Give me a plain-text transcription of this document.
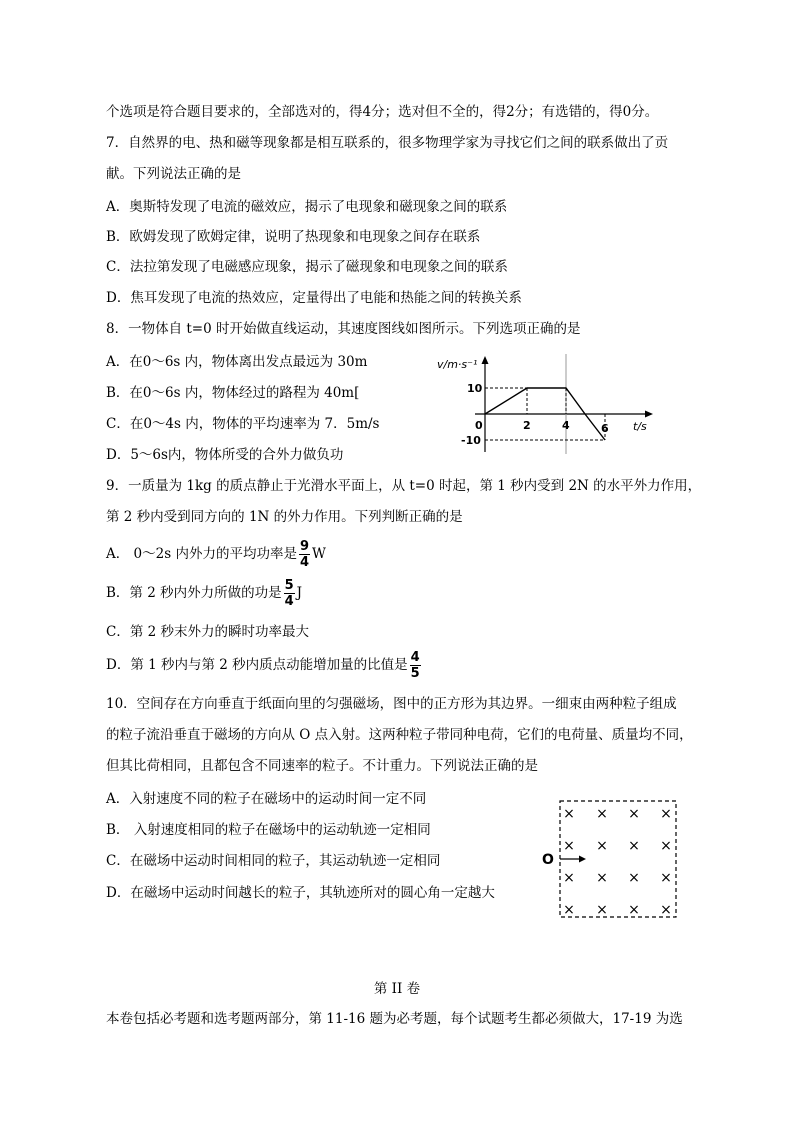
个选项是符合题目要求的，全部选对的，得4分；选对但不全的，得2分；有选错的，得0分。
7．自然界的电、热和磁等现象都是相互联系的，很多物理学家为寻找它们之间的联系做出了贡
献。下列说法正确的是
A．奥斯特发现了电流的磁效应，揭示了电现象和磁现象之间的联系
B．欧姆发现了欧姆定律，说明了热现象和电现象之间存在联系
C．法拉第发现了电磁感应现象，揭示了磁现象和电现象之间的联系
D．焦耳发现了电流的热效应，定量得出了电能和热能之间的转换关系
8．一物体自 t=0 时开始做直线运动，其速度图线如图所示。下列选项正确的是
A．在0～6s 内，物体离出发点最远为 30m
B．在0～6s 内，物体经过的路程为 40m[
C．在0～4s 内，物体的平均速率为 7．5m/s
D．5～6s内，物体所受的合外力做负功
v/m·s⁻¹
t/s
10
-10
0	2	4	6
9．一质量为 1kg 的质点静止于光滑水平面上，从 t=0 时起，第 1 秒内受到 2N 的水平外力作用，
第 2 秒内受到同方向的 1N 的外力作用。下列判断正确的是
A． 0～2s 内外力的平均功率是 $\frac{9}{4}$ W
B．第 2 秒内外力所做的功是 $\frac{5}{4}$ J
C．第 2 秒末外力的瞬时功率最大
D．第 1 秒内与第 2 秒内质点动能增加量的比值是 $\frac{4}{5}$
10．空间存在方向垂直于纸面向里的匀强磁场，图中的正方形为其边界。一细束由两种粒子组成
的粒子流沿垂直于磁场的方向从 O 点入射。这两种粒子带同种电荷，它们的电荷量、质量均不同，
但其比荷相同，且都包含不同速率的粒子。不计重力。下列说法正确的是
A．入射速度不同的粒子在磁场中的运动时间一定不同
B． 入射速度相同的粒子在磁场中的运动轨迹一定相同
C．在磁场中运动时间相同的粒子，其运动轨迹一定相同
D．在磁场中运动时间越长的粒子，其轨迹所对的圆心角一定越大
O
× × × ×
× × × ×
× × × ×
× × × ×
第 II 卷
本卷包括必考题和选考题两部分，第 11-16 题为必考题，每个试题考生都必须做大，17-19 为选
